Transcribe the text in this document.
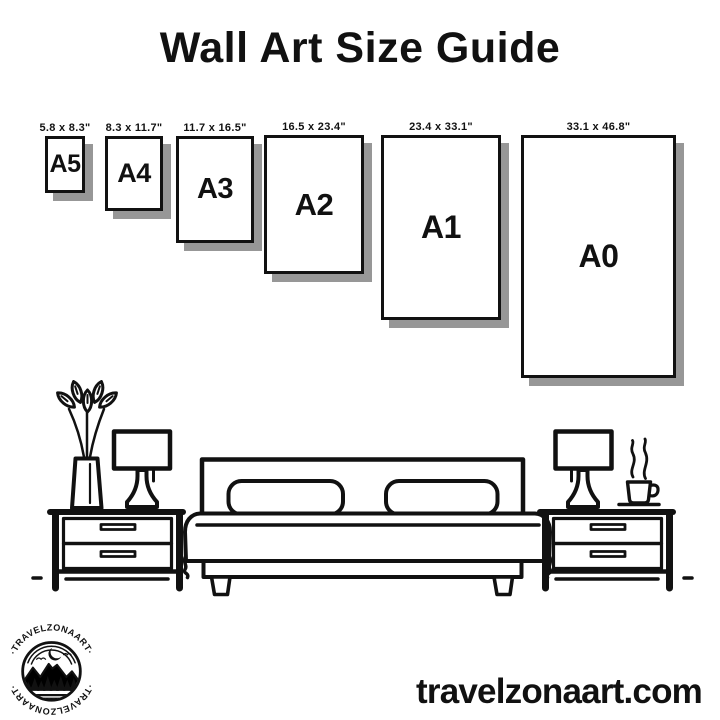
Wall Art Size Guide
5.8 x 8.3"
A5
8.3 x 11.7"
A4
11.7 x 16.5"
A3
16.5 x 23.4"
A2
23.4 x 33.1"
A1
33.1 x 46.8"
A0
·TRAVELZONAART·
·TRAVELZONAART·	travelzonaart.com
